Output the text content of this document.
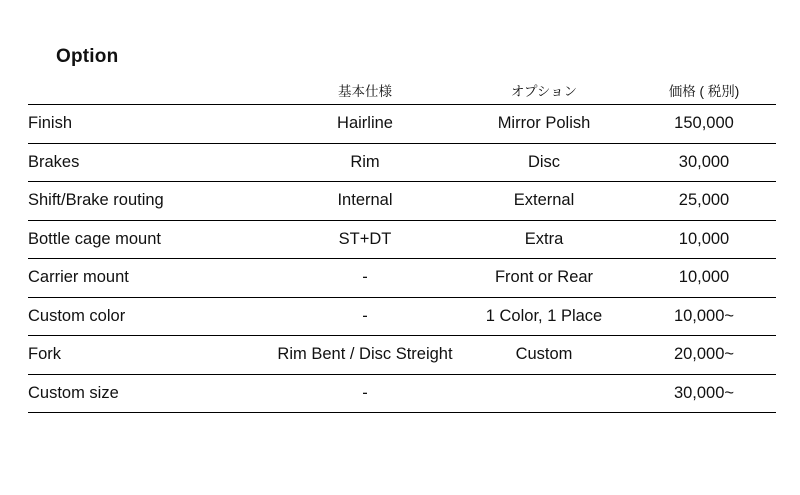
Option
	基本仕様	オプション	価格 ( 税別)
Finish	Hairline	Mirror Polish	150,000
Brakes	Rim	Disc	30,000
Shift/Brake routing	Internal	External	25,000
Bottle cage mount	ST+DT	Extra	10,000
Carrier mount	-	Front or Rear	10,000
Custom color	-	1 Color, 1 Place	10,000~
Fork	Rim Bent / Disc Streight	Custom	20,000~
Custom size	-		30,000~
